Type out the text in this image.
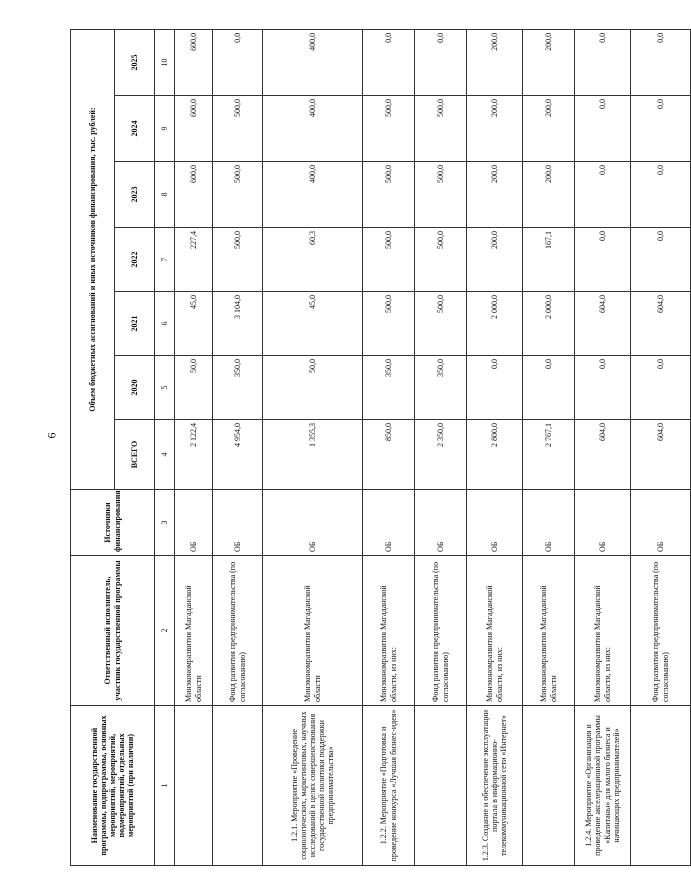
6
Наименование государственной программы, подпрограммы, основных мероприятий, мероприятий, подмероприятий, отдельных мероприятий (при наличии)	Ответственный исполнитель, участник государственной программы	Источники финансирования	Объем бюджетных ассигнований и иных источников финансирования, тыс. рублей:						
			ВСЕГО	2020	2021	2022	2023	2024	2025
1	2	3	4	5	6	7	8	9	10
	Минэкономразвития Магаданской области	ОБ	2 122,4	50,0	45,0	227,4	600,0	600,0	600,0
	Фонд развития предпринимательства (по согласованию)	ОБ	4 954,0	350,0	3 104,0	500,0	500,0	500,0	0,0
1.2.1. Мероприятие «Проведение социологических, маркетинговых, научных исследований в целях совершенствования государственной политики поддержки предпринимательства»	Минэкономразвития Магаданской области	ОБ	1 355,3	50,0	45,0	60,3	400,0	400,0	400,0
1.2.2. Мероприятие «Подготовка и проведение конкурса «Лучшая бизнес-идея»	Минэкономразвития Магаданской области, из них:	ОБ	850,0	350,0	500,0	500,0	500,0	500,0	0,0
	Фонд развития предпринимательства (по согласованию)	ОБ	2 350,0	350,0	500,0	500,0	500,0	500,0	0,0
1.2.3. Создание и обеспечение эксплуатации портала в информационно-телекоммуникационной сети «Интернет»	Минэкономразвития Магаданской области, из них:	ОБ	2 800,0	0,0	2 000,0	200,0	200,0	200,0	200,0
	Минэкономразвития Магаданской области	ОБ	2 767,1	0,0	2 000,0	167,1	200,0	200,0	200,0
1.2.4. Мероприятие «Организация и проведение акселерационной программы «Капитаны» для малого бизнеса и начинающих предпринимателей»	Минэкономразвития Магаданской области, из них:	ОБ	604,0	0,0	604,0	0,0	0,0	0,0	0,0
	Фонд развития предпринимательства (по согласованию)	ОБ	604,0	0,0	604,0	0,0	0,0	0,0	0,0
